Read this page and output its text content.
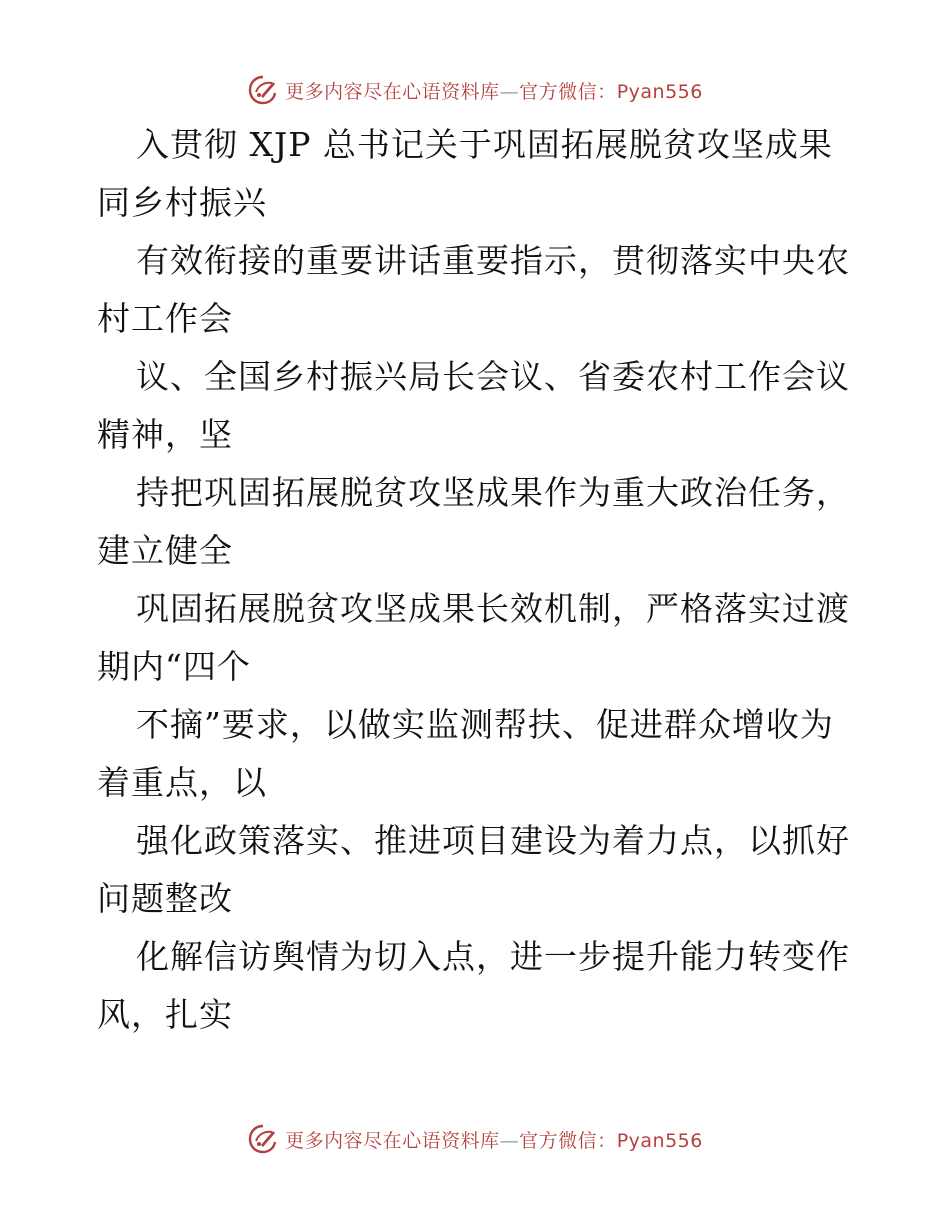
更多内容尽在心语资料库—官方微信：Pyan556
入贯彻 XJP 总书记关于巩固拓展脱贫攻坚成果
同乡村振兴
有效衔接的重要讲话重要指示，贯彻落实中央农
村工作会
议、全国乡村振兴局长会议、省委农村工作会议
精神，坚
持把巩固拓展脱贫攻坚成果作为重大政治任务，
建立健全
巩固拓展脱贫攻坚成果长效机制，严格落实过渡
期内“四个
不摘”要求，以做实监测帮扶、促进群众增收为
着重点，以
强化政策落实、推进项目建设为着力点，以抓好
问题整改
化解信访舆情为切入点，进一步提升能力转变作
风，扎实
更多内容尽在心语资料库—官方微信：Pyan556
